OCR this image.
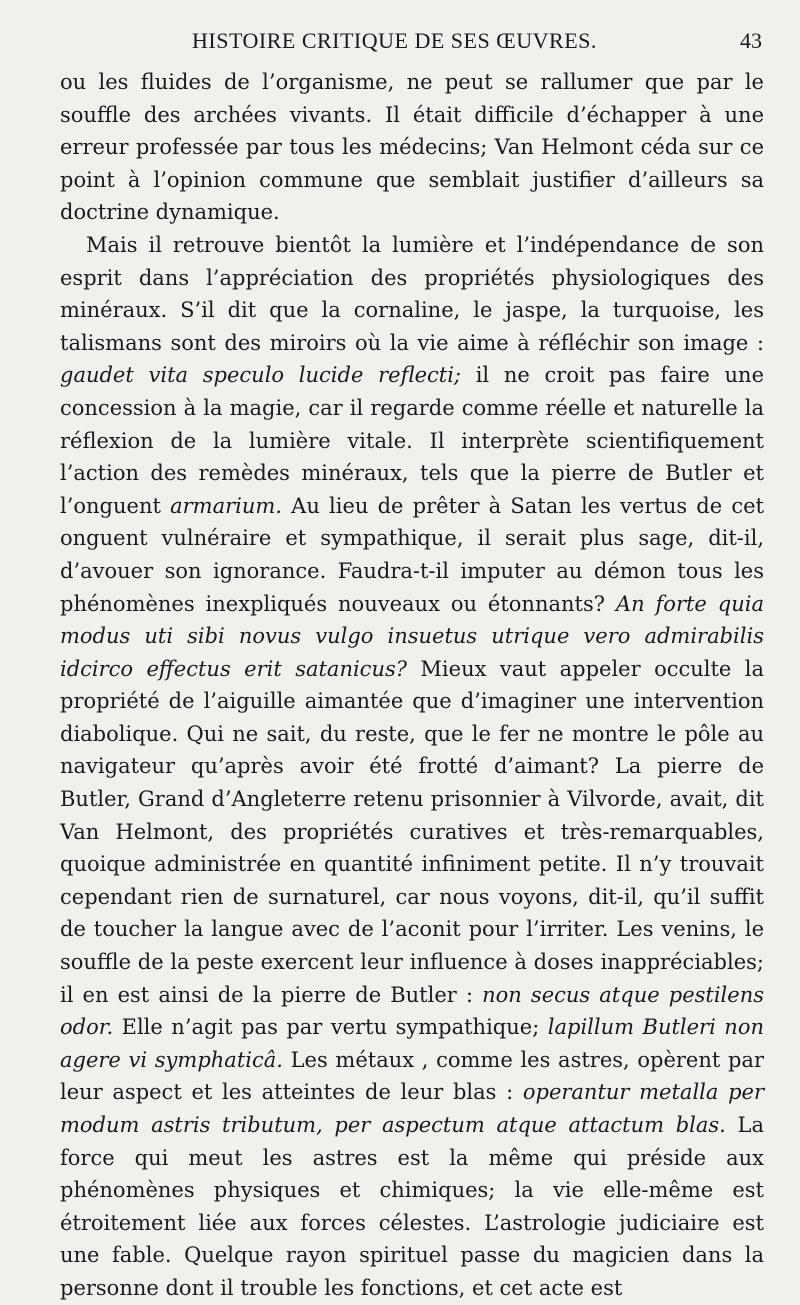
HISTOIRE CRITIQUE DE SES ŒUVRES.	43

ou les fluides de l’organisme, ne peut se rallumer que par le souffle des archées vivants. Il était difficile d’échapper à une erreur professée par tous les médecins; Van Helmont céda sur ce point à l’opinion commune que semblait justifier d’ailleurs sa doctrine dynamique.

Mais il retrouve bientôt la lumière et l’indépendance de son esprit dans l’appréciation des propriétés physiologiques des minéraux. S’il dit que la cornaline, le jaspe, la turquoise, les talismans sont des miroirs où la vie aime à réfléchir son image : gaudet vita speculo lucide reflecti; il ne croit pas faire une concession à la magie, car il regarde comme réelle et naturelle la réflexion de la lumière vitale. Il interprète scientifiquement l’action des remèdes minéraux, tels que la pierre de Butler et l’onguent armarium. Au lieu de prêter à Satan les vertus de cet onguent vulnéraire et sympathique, il serait plus sage, dit-il, d’avouer son ignorance. Faudra-t-il imputer au démon tous les phénomènes inexpliqués nouveaux ou étonnants? An forte quia modus uti sibi novus vulgo insuetus utrique vero admirabilis idcirco effectus erit satanicus? Mieux vaut appeler occulte la propriété de l’aiguille aimantée que d’imaginer une intervention diabolique. Qui ne sait, du reste, que le fer ne montre le pôle au navigateur qu’après avoir été frotté d’aimant? La pierre de Butler, Grand d’Angleterre retenu prisonnier à Vilvorde, avait, dit Van Helmont, des propriétés curatives et très-remarquables, quoique administrée en quantité infiniment petite. Il n’y trouvait cependant rien de surnaturel, car nous voyons, dit-il, qu’il suffit de toucher la langue avec de l’aconit pour l’irriter. Les venins, le souffle de la peste exercent leur influence à doses inappréciables; il en est ainsi de la pierre de Butler : non secus atque pestilens odor. Elle n’agit pas par vertu sympathique; lapillum Butleri non agere vi symphaticâ. Les métaux , comme les astres, opèrent par leur aspect et les atteintes de leur blas : operantur metalla per modum astris tributum, per aspectum atque attactum blas. La force qui meut les astres est la même qui préside aux phénomènes physiques et chimiques; la vie elle-même est étroitement liée aux forces célestes. L’astrologie judiciaire est une fable. Quelque rayon spirituel passe du magicien dans la personne dont il trouble les fonctions, et cet acte est
